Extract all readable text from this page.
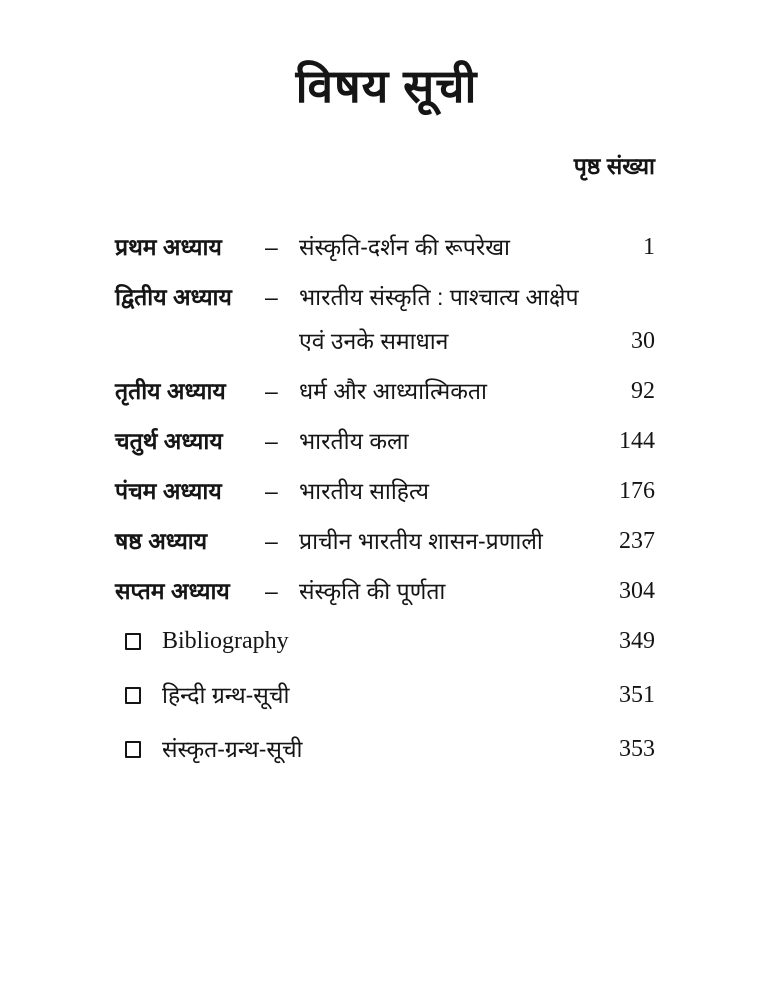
विषय सूची
पृष्ठ संख्या
प्रथम अध्याय	– संस्कृति-दर्शन की रूपरेखा	1
द्वितीय अध्याय	– भारतीय संस्कृति : पाश्चात्य आक्षेप
एवं उनके समाधान	30
तृतीय अध्याय	– धर्म और आध्यात्मिकता	92
चतुर्थ अध्याय	– भारतीय कला	144
पंचम अध्याय	– भारतीय साहित्य	176
षष्ठ अध्याय	– प्राचीन भारतीय शासन-प्रणाली	237
सप्तम अध्याय	– संस्कृति की पूर्णता	304
Bibliography	349
हिन्दी ग्रन्थ-सूची	351
संस्कृत-ग्रन्थ-सूची	353
